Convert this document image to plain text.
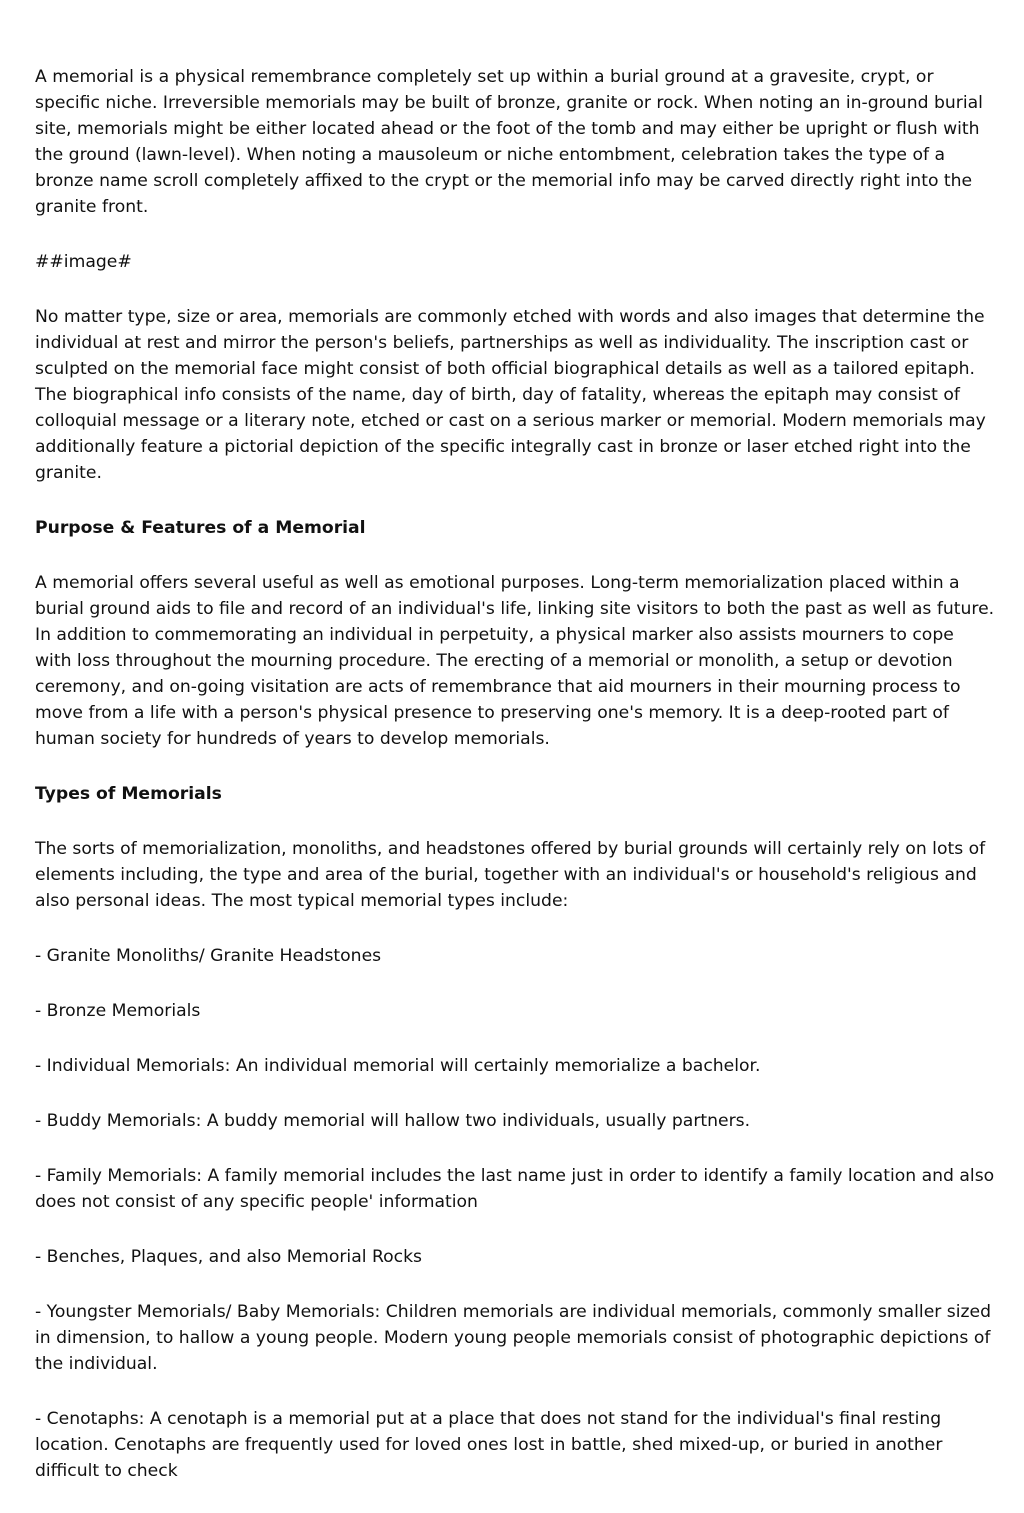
A memorial is a physical remembrance completely set up within a burial ground at a gravesite, crypt, or specific niche. Irreversible memorials may be built of bronze, granite or rock. When noting an in-ground burial site, memorials might be either located ahead or the foot of the tomb and may either be upright or flush with the ground (lawn-level). When noting a mausoleum or niche entombment, celebration takes the type of a bronze name scroll completely affixed to the crypt or the memorial info may be carved directly right into the granite front.

##image#

No matter type, size or area, memorials are commonly etched with words and also images that determine the individual at rest and mirror the person's beliefs, partnerships as well as individuality. The inscription cast or sculpted on the memorial face might consist of both official biographical details as well as a tailored epitaph. The biographical info consists of the name, day of birth, day of fatality, whereas the epitaph may consist of colloquial message or a literary note, etched or cast on a serious marker or memorial. Modern memorials may additionally feature a pictorial depiction of the specific integrally cast in bronze or laser etched right into the granite.

Purpose & Features of a Memorial

A memorial offers several useful as well as emotional purposes. Long-term memorialization placed within a burial ground aids to file and record of an individual's life, linking site visitors to both the past as well as future. In addition to commemorating an individual in perpetuity, a physical marker also assists mourners to cope with loss throughout the mourning procedure. The erecting of a memorial or monolith, a setup or devotion ceremony, and on-going visitation are acts of remembrance that aid mourners in their mourning process to move from a life with a person's physical presence to preserving one's memory. It is a deep-rooted part of human society for hundreds of years to develop memorials.

Types of Memorials

The sorts of memorialization, monoliths, and headstones offered by burial grounds will certainly rely on lots of elements including, the type and area of the burial, together with an individual's or household's religious and also personal ideas. The most typical memorial types include:

- Granite Monoliths/ Granite Headstones

- Bronze Memorials

- Individual Memorials: An individual memorial will certainly memorialize a bachelor.

- Buddy Memorials: A buddy memorial will hallow two individuals, usually partners.

- Family Memorials: A family memorial includes the last name just in order to identify a family location and also does not consist of any specific people' information

- Benches, Plaques, and also Memorial Rocks

- Youngster Memorials/ Baby Memorials: Children memorials are individual memorials, commonly smaller sized in dimension, to hallow a young people. Modern young people memorials consist of photographic depictions of the individual.

- Cenotaphs: A cenotaph is a memorial put at a place that does not stand for the individual's final resting location. Cenotaphs are frequently used for loved ones lost in battle, shed mixed-up, or buried in another difficult to check
